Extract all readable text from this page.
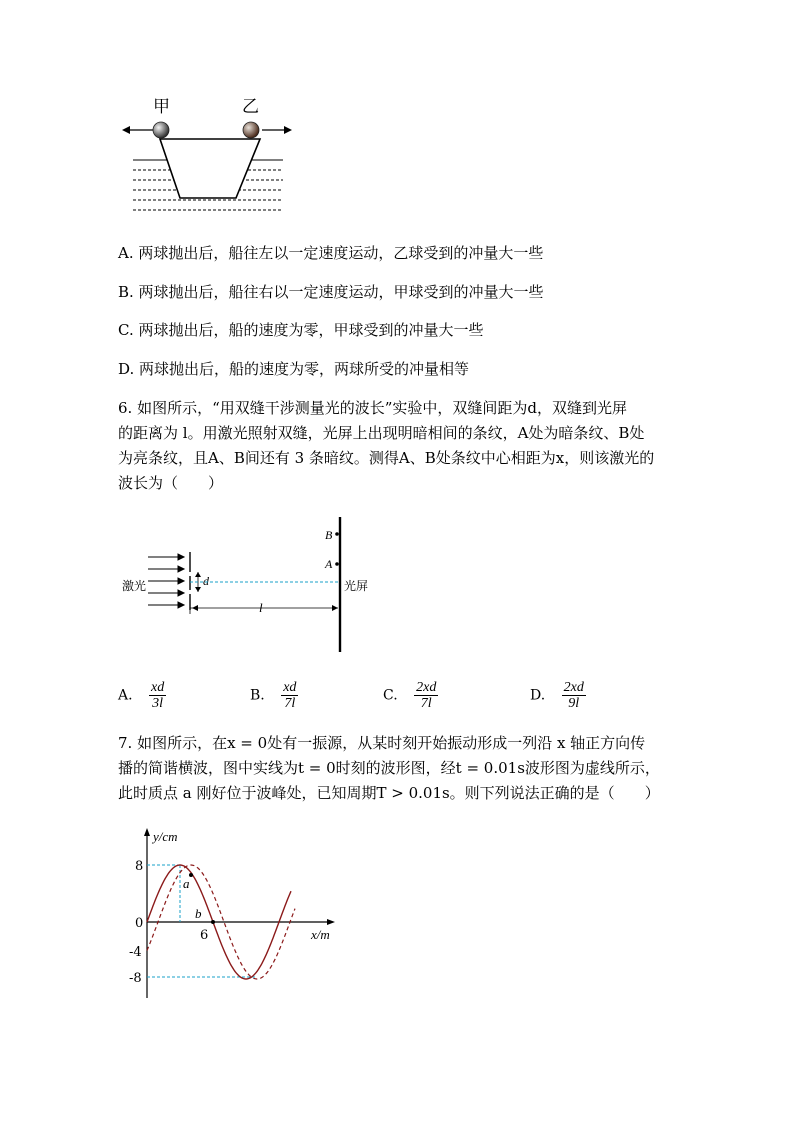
甲	乙
A. 两球抛出后，船往左以一定速度运动，乙球受到的冲量大一些
B. 两球抛出后，船往右以一定速度运动，甲球受到的冲量大一些
C. 两球抛出后，船的速度为零，甲球受到的冲量大一些
D. 两球抛出后，船的速度为零，两球所受的冲量相等
6. 如图所示，“用双缝干涉测量光的波长”实验中，双缝间距为d，双缝到光屏
的距离为 l。用激光照射双缝，光屏上出现明暗相间的条纹，A处为暗条纹、B处
为亮条纹，且A、B间还有 3 条暗纹。测得A、B处条纹中心相距为x，则该激光的
波长为（　　）
d
B
A
l
激光	光屏
A. $\frac{xd}{3l}$	B. $\frac{xd}{7l}$	C. $\frac{2xd}{7l}$	D. $\frac{2xd}{9l}$
7. 如图所示，在x = 0处有一振源，从某时刻开始振动形成一列沿 x 轴正方向传
播的简谐横波，图中实线为t = 0时刻的波形图，经t = 0.01s波形图为虚线所示，
此时质点 a 刚好位于波峰处，已知周期T > 0.01s。则下列说法正确的是（　　）
a
b
y/cm
x/m
8
0
-4
-8
6
